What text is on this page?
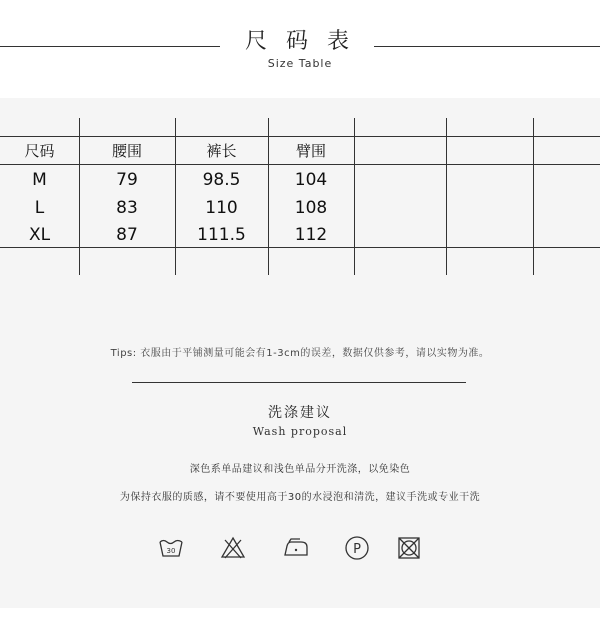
尺 码 表
Size Table
尺码	腰围	裤长	臂围
M	79	98.5	104
L	83	110	108
XL	87	111.5	112
Tips: 衣服由于平铺测量可能会有1-3cm的误差，数据仅供参考，请以实物为准。
洗涤建议
Wash proposal
深色系单品建议和浅色单品分开洗涤，以免染色
为保持衣服的质感，请不要使用高于30的水浸泡和清洗，建议手洗或专业干洗
30	P
